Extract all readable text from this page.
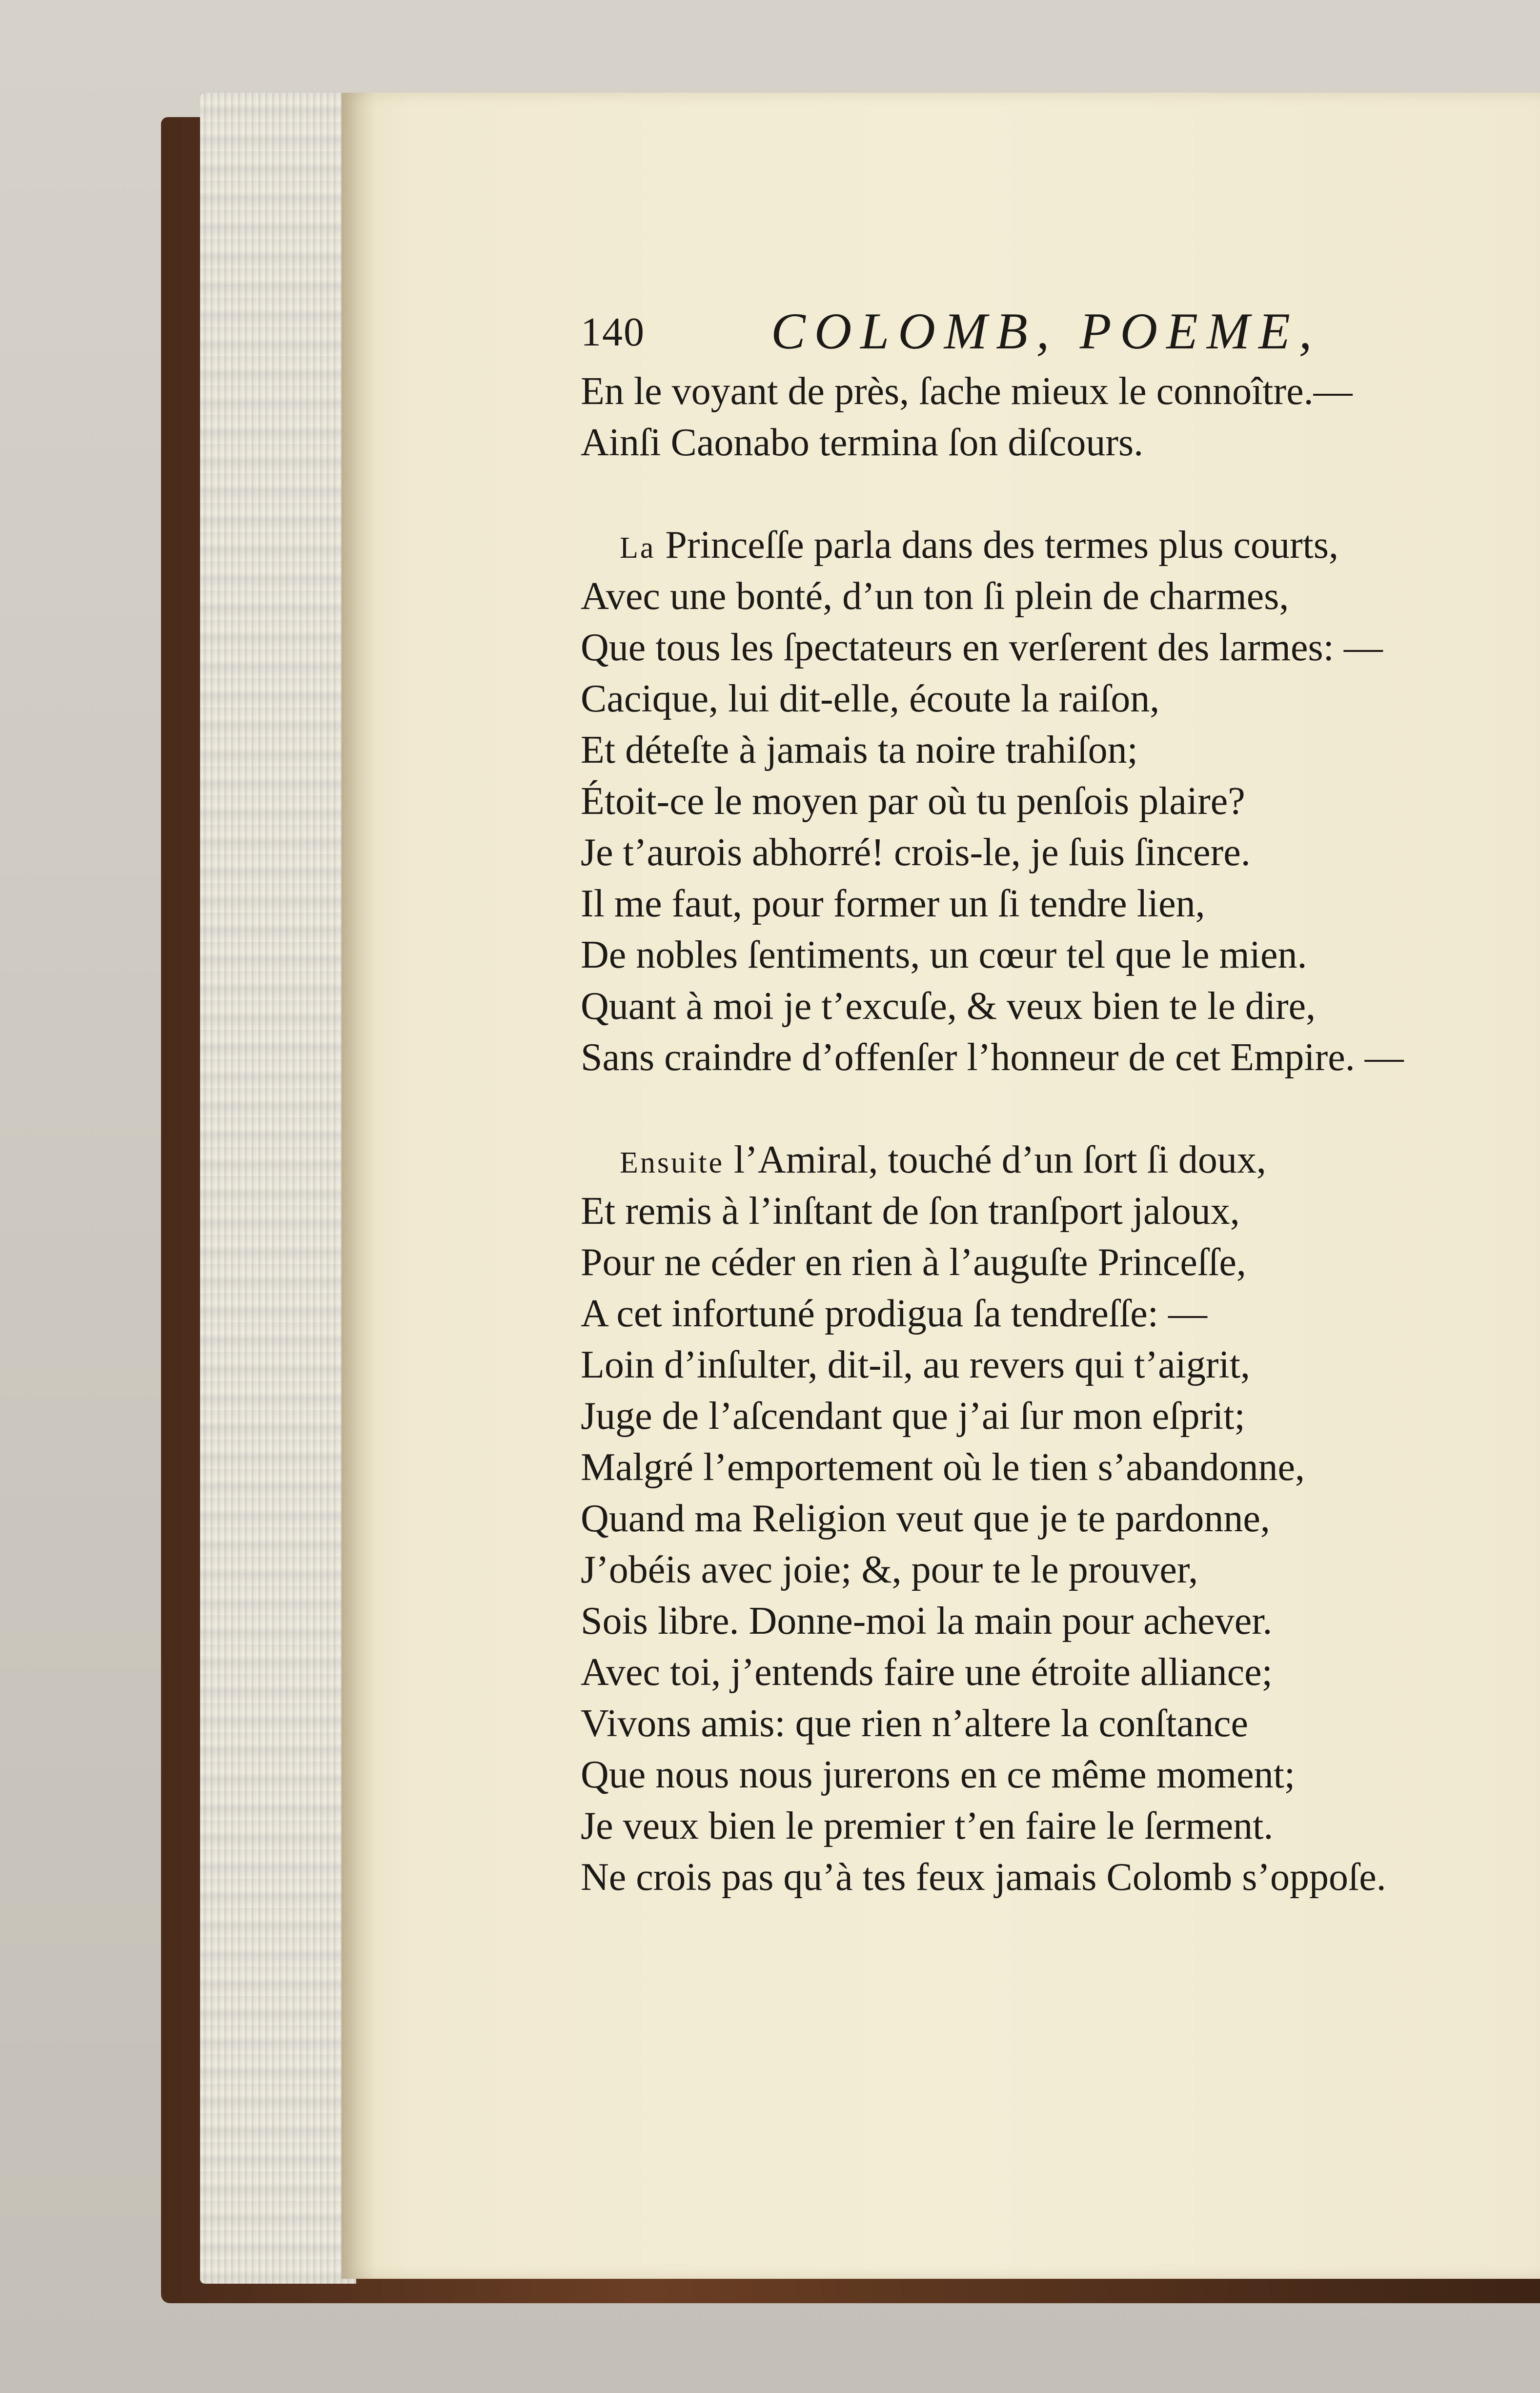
140 COLOMB, POEME,
En le voyant de près, ſache mieux le connoître.—
Ainſi Caonabo termina ſon diſcours.
La Princeſſe parla dans des termes plus courts,
Avec une bonté, d’un ton ſi plein de charmes,
Que tous les ſpectateurs en verſerent des larmes: —
Cacique, lui dit-elle, écoute la raiſon,
Et déteſte à jamais ta noire trahiſon;
Étoit-ce le moyen par où tu penſois plaire?
Je t’aurois abhorré! crois-le, je ſuis ſincere.
Il me faut, pour former un ſi tendre lien,
De nobles ſentiments, un cœur tel que le mien.
Quant à moi je t’excuſe, & veux bien te le dire,
Sans craindre d’offenſer l’honneur de cet Empire. —
Ensuite l’Amiral, touché d’un ſort ſi doux,
Et remis à l’inſtant de ſon tranſport jaloux,
Pour ne céder en rien à l’auguſte Princeſſe,
A cet infortuné prodigua ſa tendreſſe: —
Loin d’inſulter, dit-il, au revers qui t’aigrit,
Juge de l’aſcendant que j’ai ſur mon eſprit;
Malgré l’emportement où le tien s’abandonne,
Quand ma Religion veut que je te pardonne,
J’obéis avec joie; &, pour te le prouver,
Sois libre. Donne-moi la main pour achever.
Avec toi, j’entends faire une étroite alliance;
Vivons amis: que rien n’altere la conſtance
Que nous nous jurerons en ce même moment;
Je veux bien le premier t’en faire le ſerment.
Ne crois pas qu’à tes feux jamais Colomb s’oppoſe.
